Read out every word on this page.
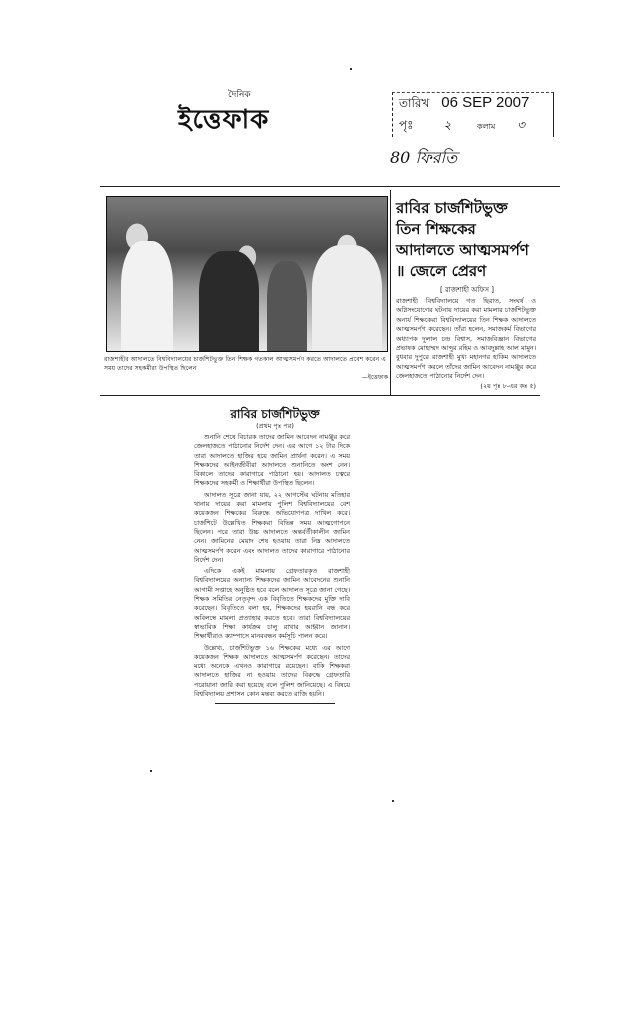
দৈনিক
ইত্তেফাক
তারিখ 06 SEP 2007
পৃঃ ২	কলাম ৩
80 ফিরতি
রাজশাহীর আদালতে বিশ্ববিদ্যালয়ের চার্জশিটভুক্ত তিন শিক্ষক গতকাল আত্মসমর্পণ করতে আদালতে প্রবেশ করেন এ সময় তাদের সহকর্মীরা উপস্থিত ছিলেন
—ইত্তেফাক
রাবির চার্জশিটভুক্ত তিন শিক্ষকের আদালতে আত্মসমর্পণ ॥ জেলে প্রেরণ
[ রাজশাহী অফিস ]
রাজশাহী বিশ্ববিদ্যালয়ে গত ছিরাত, সংঘর্ষ ও অগ্নিসংযোগের ঘটনায় দায়ের করা মামলার চার্জশিটভুক্ত অনার্য শিক্ষকেরা বিশ্ববিদ্যালয়ের তিন শিক্ষক আদালতে আত্মসমর্পণ করেছেন। তাঁরা হলেন, সমাজকর্ম বিভাগের অধ্যাপক দুলাল চন্দ্র বিশ্বাস, সমাজবিজ্ঞান বিভাগের প্রভাষক মোহাম্মদ আব্দুর রহিম ও আবদুল্লাহ আল মামুন। বুধবার দুপুরে রাজশাহী মুখ্য মহানগর হাকিম আদালতে আত্মসমর্পণ করলে তাঁদের জামিন আবেদন নামঞ্জুর করে জেলহাজতে পাঠানোর নির্দেশ দেন।
(২য় পৃঃ ৮-এর কঃ ৫)
রাবির চার্জশিটভুক্ত
(প্রথম পৃঃ পর)

শুনানি শেষে বিচারক তাদের জামিন আবেদন নামঞ্জুর করে জেলহাজতে পাঠানোর নির্দেশ দেন। এর আগে ১২ টার দিকে তারা আদালতে হাজির হয়ে জামিন প্রার্থনা করেন। এ সময় শিক্ষকদের আইনজীবীরা আদালতে শুনানিতে অংশ নেন। বিকালে তাদের কারাগারে পাঠানো হয়। আদালত চত্বরে শিক্ষকদের সহকর্মী ও শিক্ষার্থীরা উপস্থিত ছিলেন।

আদালত সূত্রে জানা যায়, ২২ আগস্টের ঘটনায় মতিহার থানায় দায়ের করা মামলায় পুলিশ বিশ্ববিদ্যালয়ের বেশ কয়েকজন শিক্ষকের বিরুদ্ধে অভিযোগপত্র দাখিল করে। চার্জশিটে উল্লেখিত শিক্ষকরা বিভিন্ন সময় আত্মগোপনে ছিলেন। পরে তারা উচ্চ আদালতে অন্তর্বর্তীকালীন জামিন নেন। জামিনের মেয়াদ শেষ হওয়ায় তারা নিম্ন আদালতে আত্মসমর্পণ করেন এবং আদালত তাদের কারাগারে পাঠানোর নির্দেশ দেন।

এদিকে একই মামলায় গ্রেফতারকৃত রাজশাহী বিশ্ববিদ্যালয়ের অন্যান্য শিক্ষকদের জামিন আবেদনের শুনানি আগামী সপ্তাহে অনুষ্ঠিত হবে বলে আদালত সূত্রে জানা গেছে। শিক্ষক সমিতির নেতৃবৃন্দ এক বিবৃতিতে শিক্ষকদের মুক্তি দাবি করেছেন। বিবৃতিতে বলা হয়, শিক্ষকদের হয়রানি বন্ধ করে অবিলম্বে মামলা প্রত্যাহার করতে হবে। তারা বিশ্ববিদ্যালয়ের স্বাভাবিক শিক্ষা কার্যক্রম চালু রাখার আহ্বান জানান। শিক্ষার্থীরাও ক্যাম্পাসে মানববন্ধন কর্মসূচি পালন করে।

উল্লেখ্য, চার্জশিটভুক্ত ১৬ শিক্ষকের মধ্যে এর আগে কয়েকজন শিক্ষক আদালতে আত্মসমর্পণ করেছেন। তাদের মধ্যে অনেকে এখনও কারাগারে রয়েছেন। বাকি শিক্ষকরা আদালতে হাজির না হওয়ায় তাদের বিরুদ্ধে গ্রেফতারি পরোয়ানা জারি করা হয়েছে বলে পুলিশ জানিয়েছে। এ বিষয়ে বিশ্ববিদ্যালয় প্রশাসন কোন মন্তব্য করতে রাজি হয়নি।
